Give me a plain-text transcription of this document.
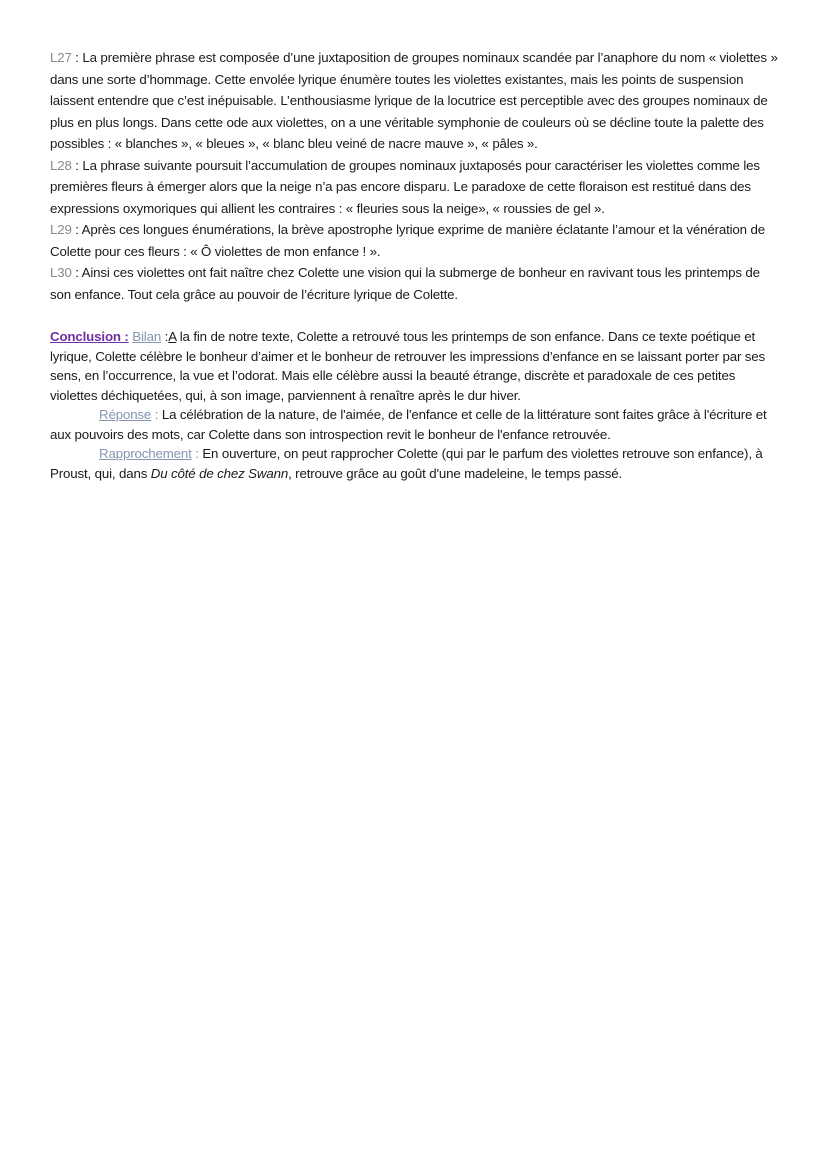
L27 : La première phrase est composée d’une juxtaposition de groupes nominaux scandée par l’anaphore du nom « violettes » dans une sorte d’hommage. Cette envolée lyrique énumère toutes les violettes existantes, mais les points de suspension laissent entendre que c’est inépuisable. L’enthousiasme lyrique de la locutrice est perceptible avec des groupes nominaux de plus en plus longs. Dans cette ode aux violettes, on a une véritable symphonie de couleurs où se décline toute la palette des possibles : « blanches », « bleues », « blanc bleu veiné de nacre mauve », « pâles ».

L28 : La phrase suivante poursuit l’accumulation de groupes nominaux juxtaposés pour caractériser les violettes comme les premières fleurs à émerger alors que la neige n’a pas encore disparu. Le paradoxe de cette floraison est restitué dans des expressions oxymoriques qui allient les contraires : « fleuries sous la neige», « roussies de gel ».

L29 : Après ces longues énumérations, la brève apostrophe lyrique exprime de manière éclatante l’amour et la vénération de Colette pour ces fleurs : « Ô violettes de mon enfance ! ».

L30 : Ainsi ces violettes ont fait naître chez Colette une vision qui la submerge de bonheur en ravivant tous les printemps de son enfance. Tout cela grâce au pouvoir de l’écriture lyrique de Colette.

Conclusion : Bilan :A la fin de notre texte, Colette a retrouvé tous les printemps de son enfance. Dans ce texte poétique et lyrique, Colette célèbre le bonheur d’aimer et le bonheur de retrouver les impressions d’enfance en se laissant porter par ses sens, en l’occurrence, la vue et l’odorat. Mais elle célèbre aussi la beauté étrange, discrète et paradoxale de ces petites violettes déchiquetées, qui, à son image, parviennent à renaître après le dur hiver.

Réponse : La célébration de la nature, de l'aimée, de l'enfance et celle de la littérature sont faites grâce à l'écriture et aux pouvoirs des mots, car Colette dans son introspection revit le bonheur de l'enfance retrouvée.

Rapprochement : En ouverture, on peut rapprocher Colette (qui par le parfum des violettes retrouve son enfance), à Proust, qui, dans Du côté de chez Swann, retrouve grâce au goût d'une madeleine, le temps passé.
